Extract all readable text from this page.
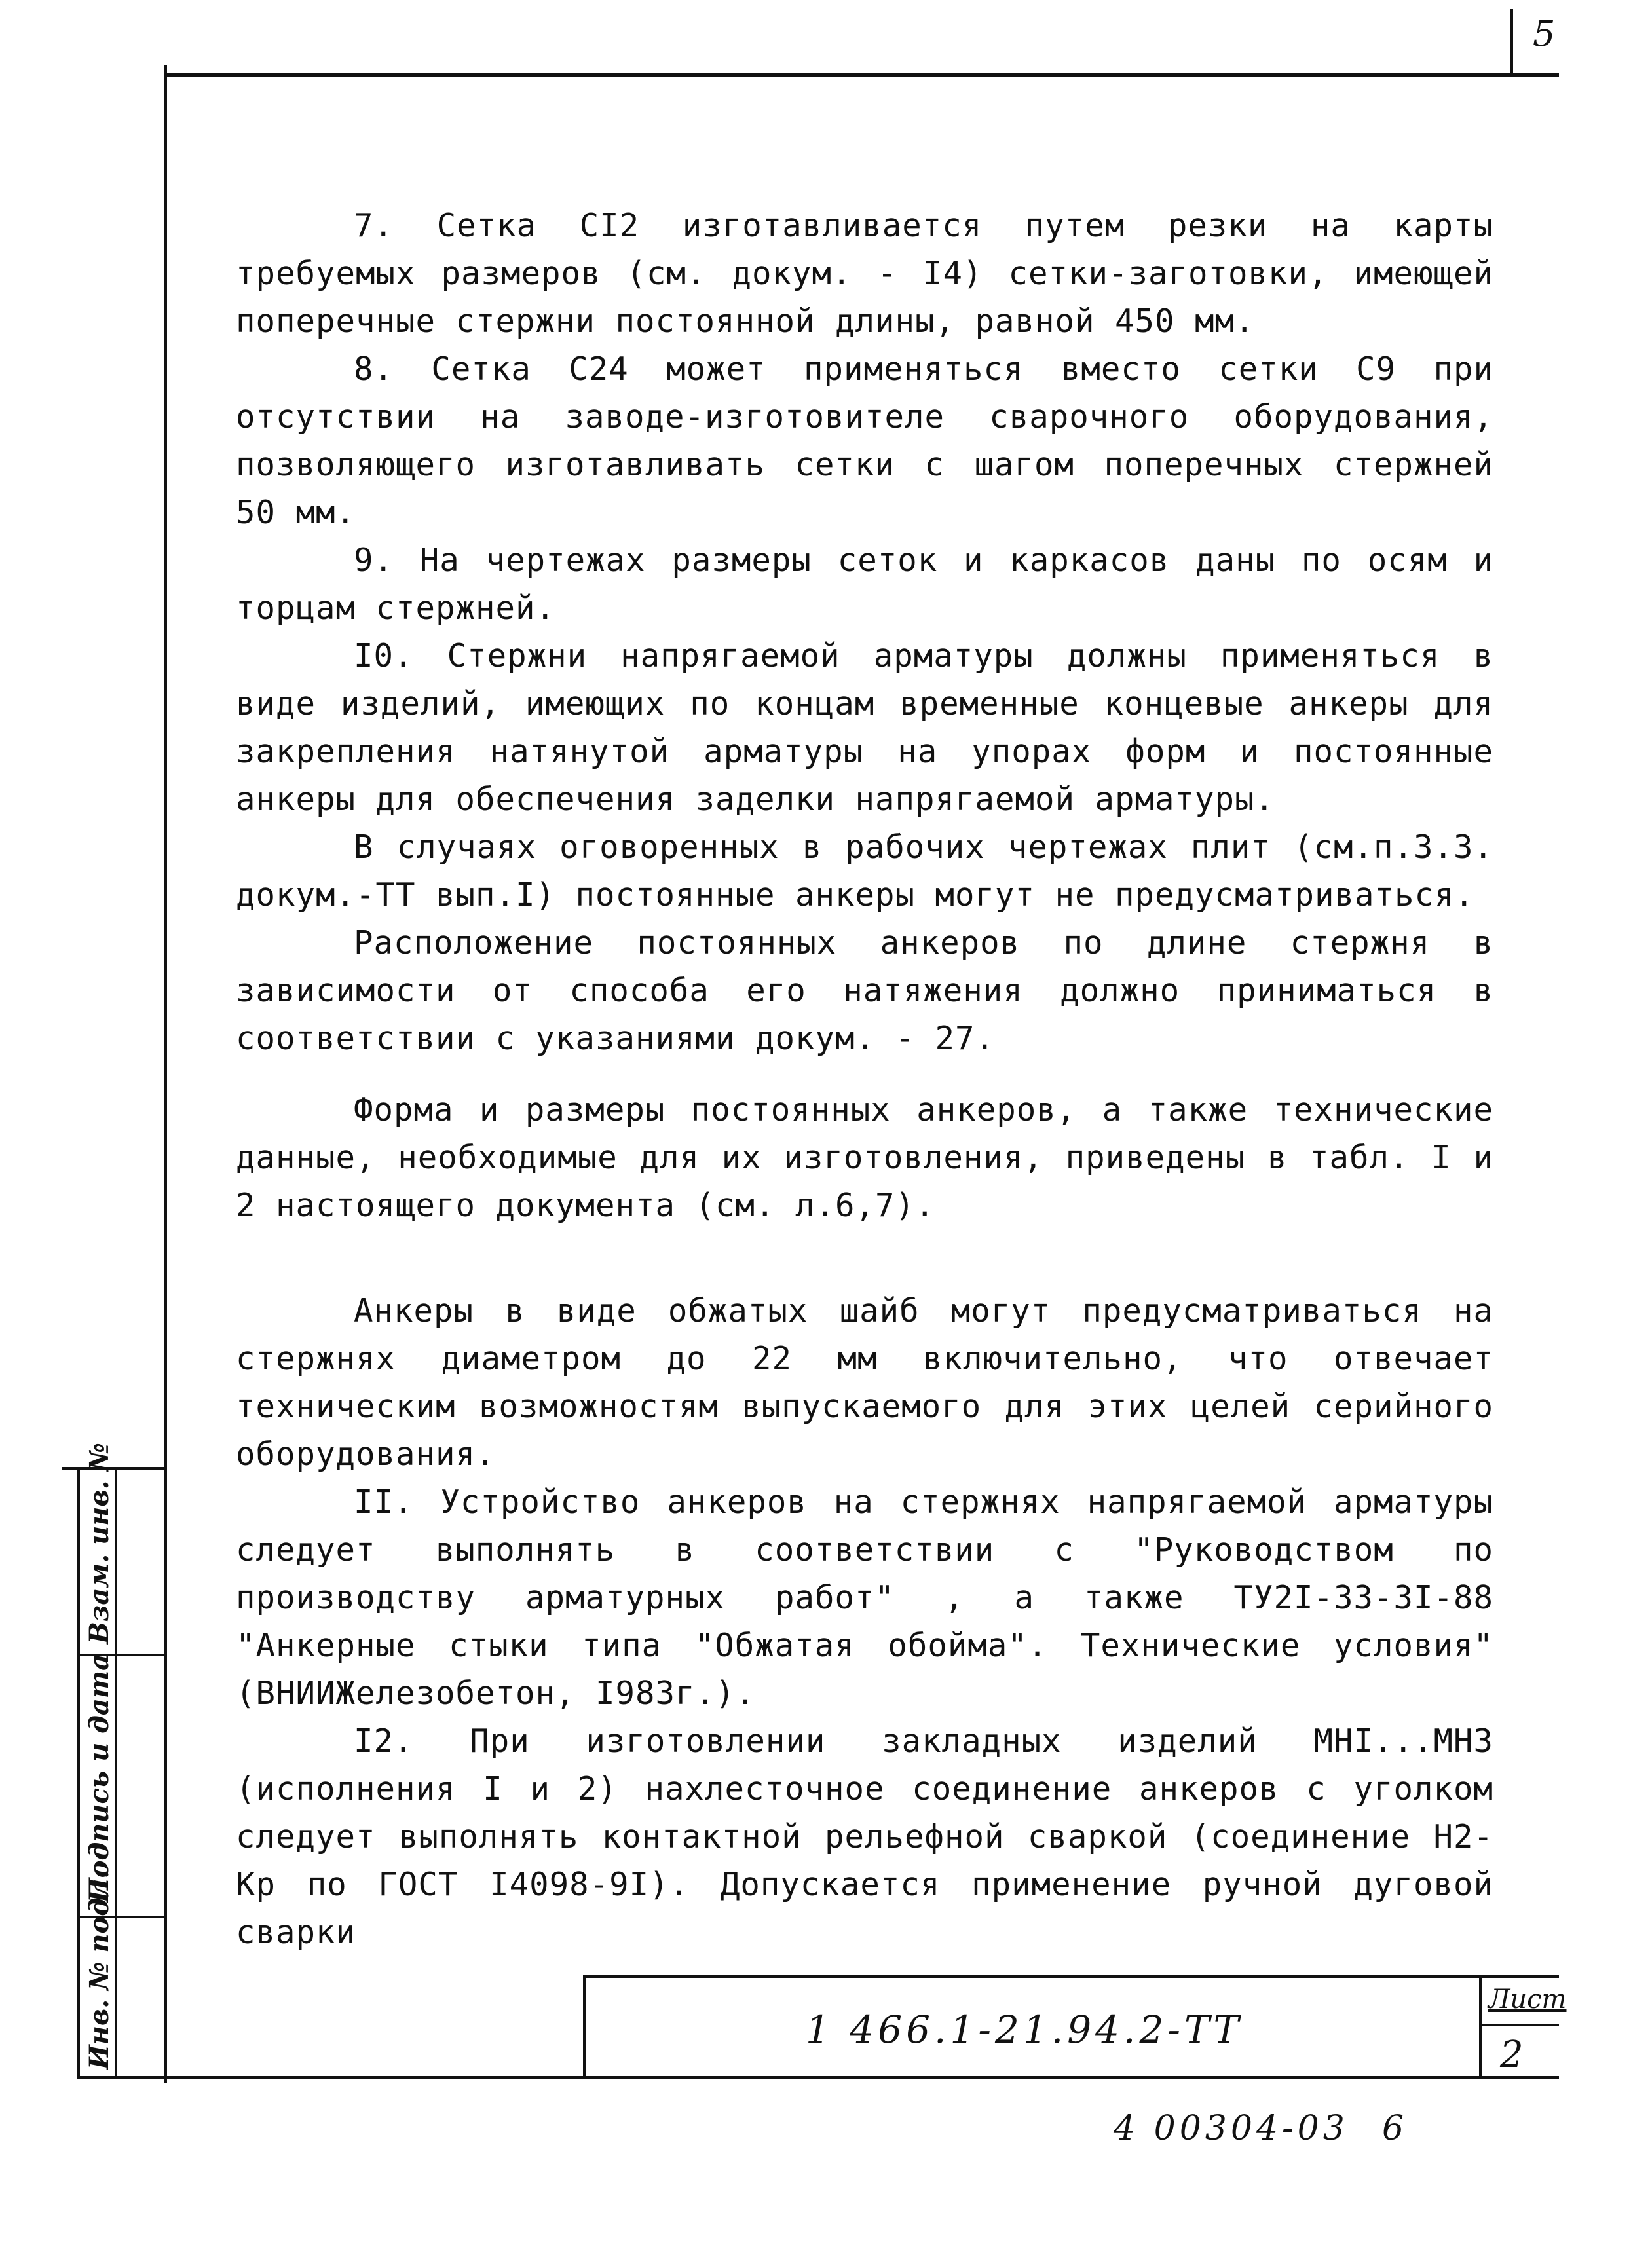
5

7. Сетка СI2 изготавливается путем резки на карты требуемых размеров (см. докум. - I4) сетки-заготовки, имеющей поперечные стержни постоянной длины, равной 450 мм.

8. Сетка С24 может применяться вместо сетки С9 при отсутствии на заводе-изготовителе сварочного оборудования, позволяющего изготавливать сетки с шагом поперечных стержней 50 мм.

9. На чертежах размеры сеток и каркасов даны по осям и торцам стержней.

I0. Стержни напрягаемой арматуры должны применяться в виде изделий, имеющих по концам временные концевые анкеры для закрепления натянутой арматуры на упорах форм и постоянные анкеры для обеспечения заделки напрягаемой арматуры.

В случаях оговоренных в рабочих чертежах плит (см.п.3.3. докум.-ТТ вып.I) постоянные анкеры могут не предусматриваться.

Расположение постоянных анкеров по длине стержня в зависимости от способа его натяжения должно приниматься в соответствии с указаниями докум. - 27.

Форма и размеры постоянных анкеров, а также технические данные, необходимые для их изготовления, приведены в табл. I и 2 настоящего документа (см. л.6,7).

Анкеры в виде обжатых шайб могут предусматриваться на стержнях диаметром до 22 мм включительно, что отвечает техническим возможностям выпускаемого для этих целей серийного оборудования.

II. Устройство анкеров на стержнях напрягаемой арматуры следует выполнять в соответствии с "Руководством по производству арматурных работ" , а также ТУ2I-33-3I-88 "Анкерные стыки типа "Обжатая обойма". Технические условия" (ВНИИЖелезобетон, I983г.).

I2. При изготовлении закладных изделий МНI...МН3 (исполнения I и 2) нахлесточное соединение анкеров с уголком следует выполнять контактной рельефной сваркой (соединение Н2-Кр по ГОСТ I4098-9I). Допускается применение ручной дуговой сварки

Инв. № подл.
Подпись и дата
Взам. инв. №
1 466.1-21.94.2-ТТ
Лист
2
4 00304-03 6
